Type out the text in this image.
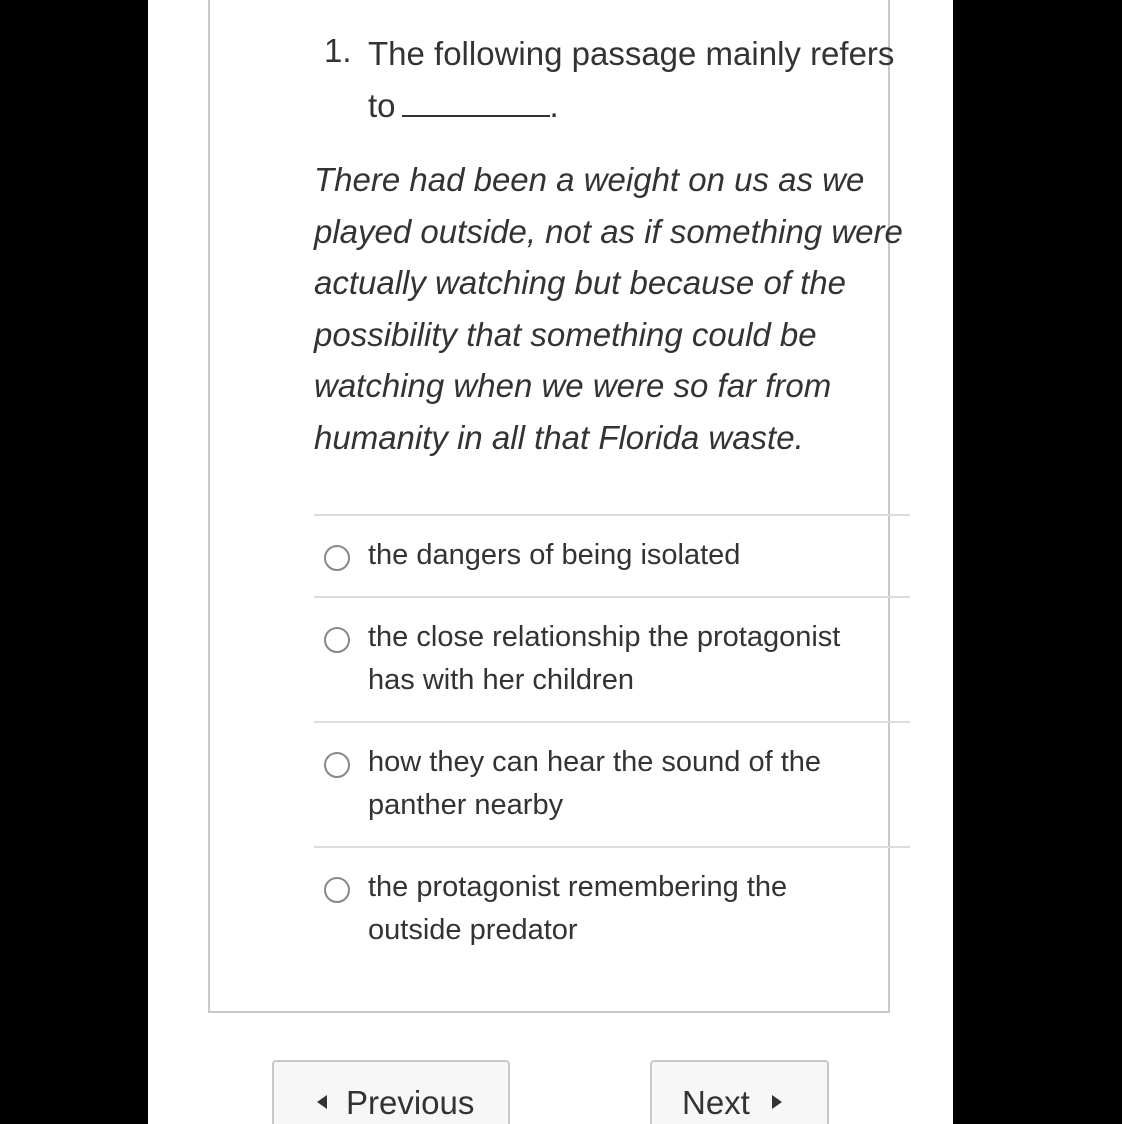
1. The following passage mainly refers to	.
There had been a weight on us as we played outside, not as if something were actually watching but because of the possibility that something could be watching when we were so far from humanity in all that Florida waste.
the dangers of being isolated
the close relationship the protagonist has with her children
how they can hear the sound of the panther nearby
the protagonist remembering the outside predator
Previous	Next
